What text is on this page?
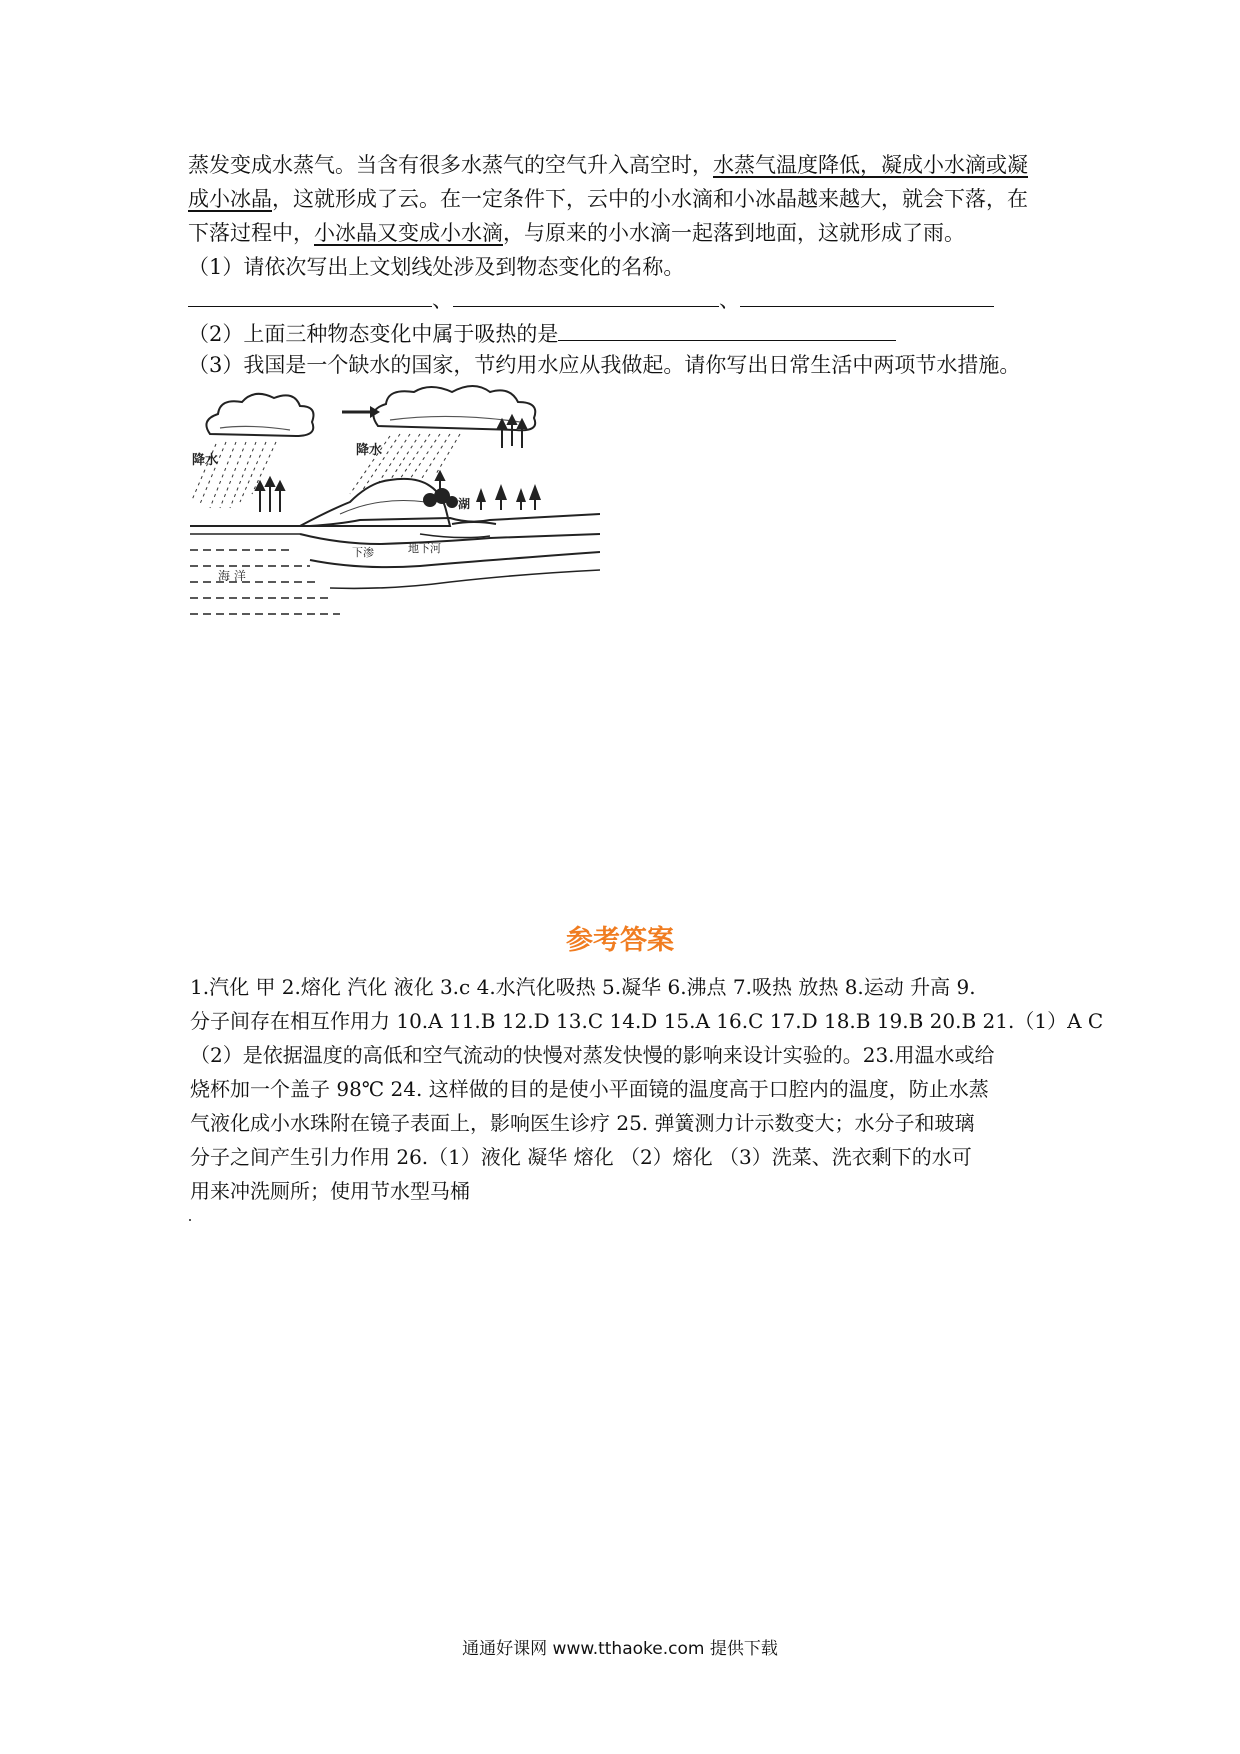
蒸发变成水蒸气。当含有很多水蒸气的空气升入高空时，水蒸气温度降低，凝成小水滴或凝
成小冰晶，这就形成了云。在一定条件下，云中的小水滴和小冰晶越来越大，就会下落，在
下落过程中，小冰晶又变成小水滴，与原来的小水滴一起落到地面，这就形成了雨。
（1）请依次写出上文划线处涉及到物态变化的名称。
、	、
（2）上面三种物态变化中属于吸热的是
（3）我国是一个缺水的国家，节约用水应从我做起。请你写出日常生活中两项节水措施。
降水
降水
湖
下渗	地下河
海 洋
参考答案
1.汽化 甲 2.熔化 汽化 液化 3.c 4.水汽化吸热 5.凝华 6.沸点 7.吸热 放热 8.运动 升高 9.
分子间存在相互作用力 10.A 11.B 12.D 13.C 14.D 15.A 16.C 17.D 18.B 19.B 20.B 21.（1）A C
（2）是依据温度的高低和空气流动的快慢对蒸发快慢的影响来设计实验的。23.用温水或给
烧杯加一个盖子 98℃ 24. 这样做的目的是使小平面镜的温度高于口腔内的温度，防止水蒸
气液化成小水珠附在镜子表面上，影响医生诊疗 25. 弹簧测力计示数变大；水分子和玻璃
分子之间产生引力作用 26.（1）液化 凝华 熔化 （2）熔化 （3）洗菜、洗衣剩下的水可
用来冲洗厕所；使用节水型马桶
通通好课网 www.tthaoke.com 提供下载
